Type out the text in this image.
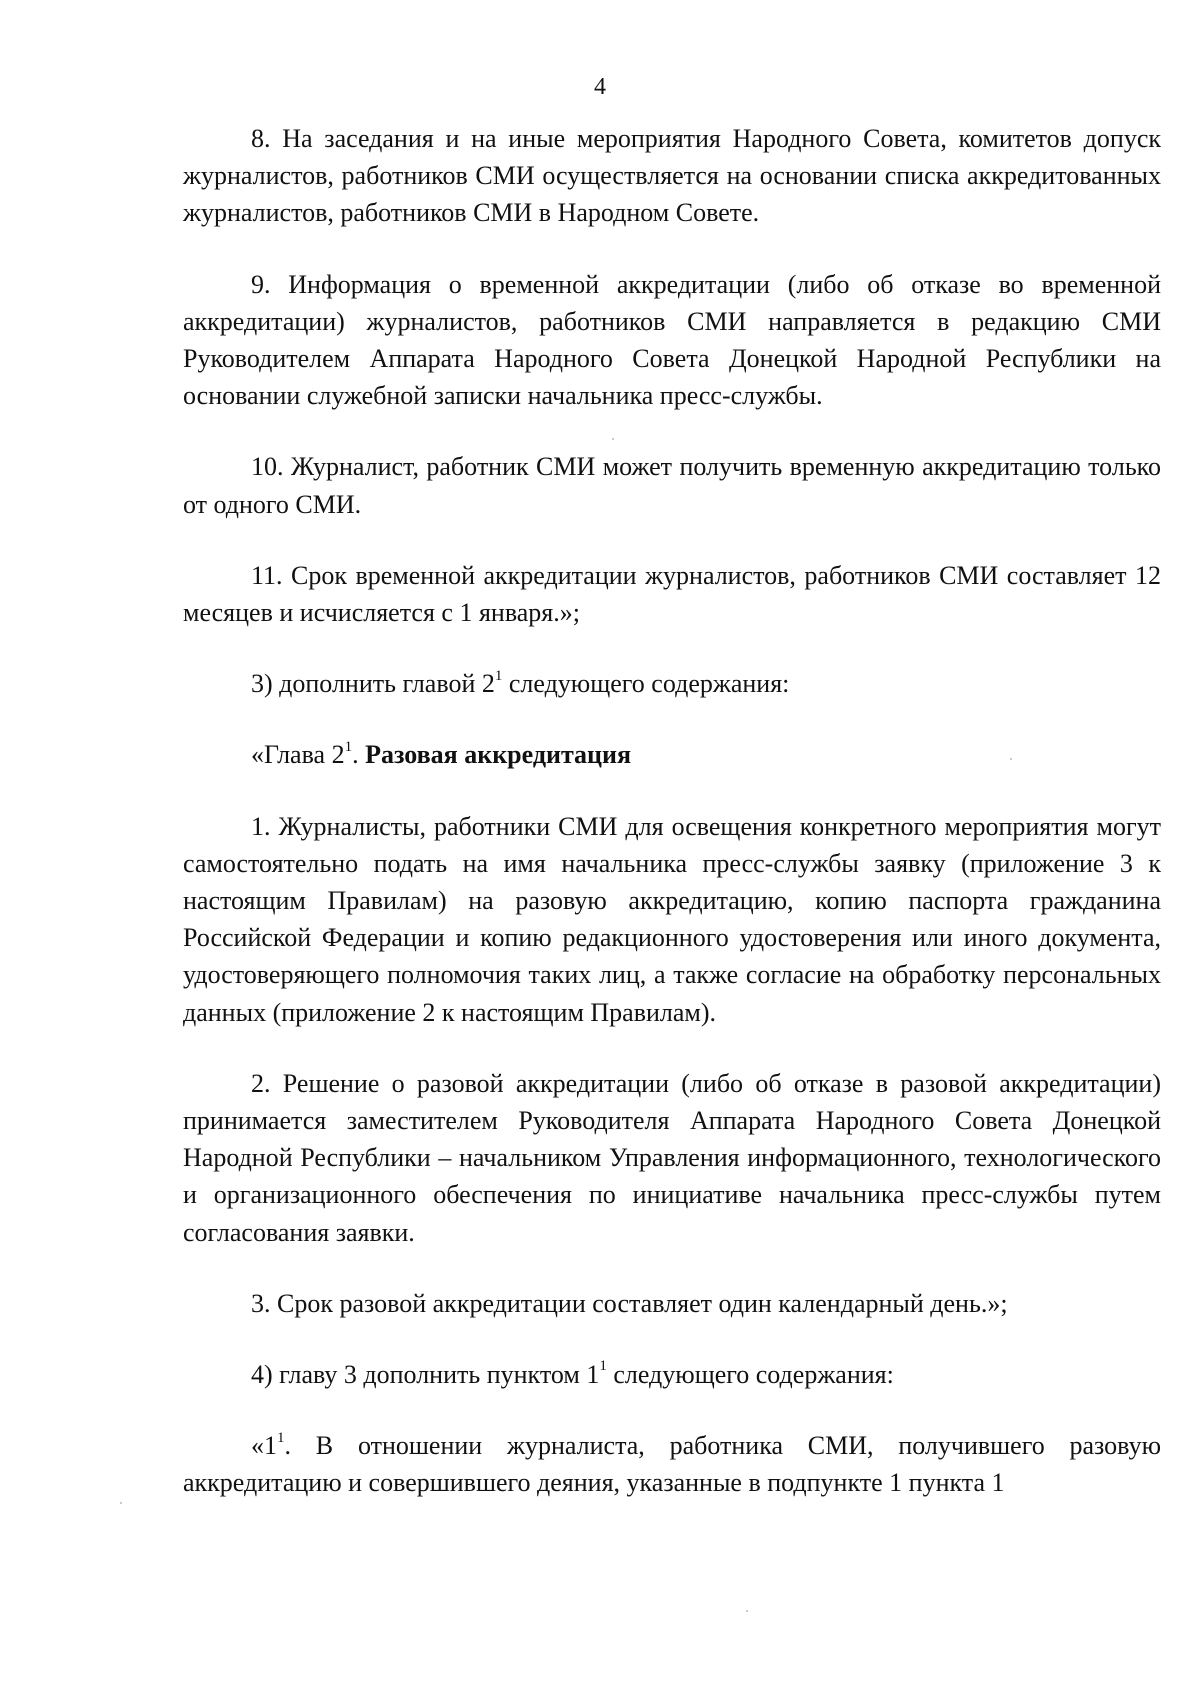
4

8. На заседания и на иные мероприятия Народного Совета, комитетов допуск журналистов, работников СМИ осуществляется на основании списка аккредитованных журналистов, работников СМИ в Народном Совете.

9. Информация о временной аккредитации (либо об отказе во временной аккредитации) журналистов, работников СМИ направляется в редакцию СМИ Руководителем Аппарата Народного Совета Донецкой Народной Республики на основании служебной записки начальника пресс-службы.

10. Журналист, работник СМИ может получить временную аккредитацию только от одного СМИ.

11. Срок временной аккредитации журналистов, работников СМИ составляет 12 месяцев и исчисляется с 1 января.»;

3) дополнить главой $2^1$ следующего содержания:

«Глава $2^1$. Разовая аккредитация

1. Журналисты, работники СМИ для освещения конкретного мероприятия могут самостоятельно подать на имя начальника пресс-службы заявку (приложение 3 к настоящим Правилам) на разовую аккредитацию, копию паспорта гражданина Российской Федерации и копию редакционного удостоверения или иного документа, удостоверяющего полномочия таких лиц, а также согласие на обработку персональных данных (приложение 2 к настоящим Правилам).

2. Решение о разовой аккредитации (либо об отказе в разовой аккредитации) принимается заместителем Руководителя Аппарата Народного Совета Донецкой Народной Республики – начальником Управления информационного, технологического и организационного обеспечения по инициативе начальника пресс-службы путем согласования заявки.

3. Срок разовой аккредитации составляет один календарный день.»;

4) главу 3 дополнить пунктом $1^1$ следующего содержания:

«$1^1$. В отношении журналиста, работника СМИ, получившего разовую аккредитацию и совершившего деяния, указанные в подпункте 1 пункта 1
